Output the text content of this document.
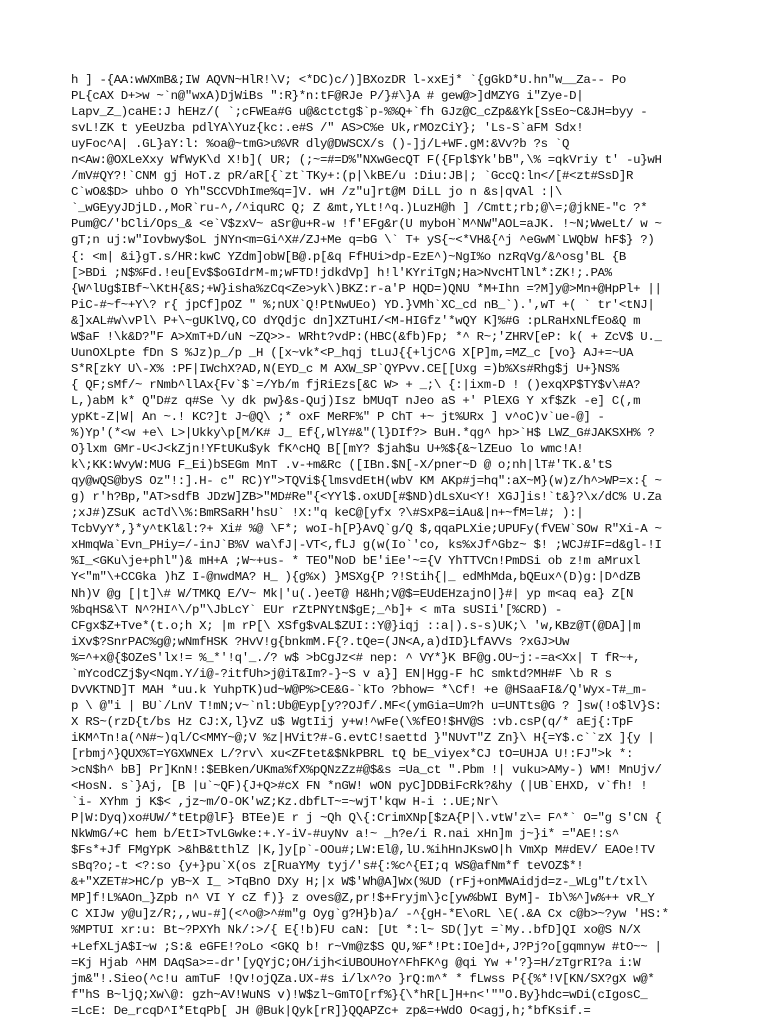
h ] -{AA:wWXmB&;IW AQVN~HlR!\V; <*DC)c/)]BXozDR l-xxEj* `{gGkD*U.hn"w__Za-- Po
PL{cAX D+>w ~`n@"wxA)DjWiBs ":R}*n:tF@RJe P/}#\}A # gew@>]dMZYG i"Zye-D|
Lapv_Z_)caHE:J hEHz/( `;cFWEa#G u@&ctctg$`p-%%Q+`fh GJz@C_cZp&&Yk[SsEo~C&JH=byy -
svL!ZK t yEeUzba pdlYA\Yuz{kc:.e#S /" AS>C%e Uk,rMOzCiY}; 'Ls-S`aFM Sdx!
uyFoc^A| .GL}aY:l: %oa@~tmG>u%VR dly@DWSCX/s ()-]j/L+WF.gM:&Vv?b ?s `Q
n<Aw:@OXLeXxy WfWyK\d X!b]( UR; (;~=#=D%"NXwGecQT F({Fpl$Yk'bB",\% =qkVriy t' -u}wH
/mV#QY?!`CNM gj HoT.z pR/aR[{`zt`TKy+:(p|\kBE/u :Diu:JB|; `GccQ:ln</[#<zt#SsD]R
C`wO&$D> uhbo O Yh"SCCVDhIme%q=]V. wH /z"u]rt@M DiLL jo n &s|qvAl :|\
`_wGEyyJDjLD.,MoR`ru-^,/^iquRC Q; Z &mt,YLt!^q.)LuzH@h ] /Cmtt;rb;@\=;@jkNE-"c ?*
Pum@C/'bCli/Ops_& <e`V$zxV~ aSr@u+R-w !f'EFg&r(U myboH`M^NW"AOL=aJK. !~N;WweLt/ w ~
gT;n uj:w"Iovbwy$oL jNYn<m=Gi^X#/ZJ+Me q=bG \` T+ yS{~<*VH&{^j ^eGwM`LWQbW hF$} ?)
{: <m| &i}gT.s/HR:kwC YZdm]obW[B@.p[&q FfHUi>dp-EzE^)~NgI%o nzRqVg/&^osg'BL {B
[>BDi ;N$%Fd.!eu[Ev$$oGIdrM-m;wFTD!jdkdVp] h!l'KYriTgN;Ha>NvcHTlNl*:ZK!;.PA%
{W^lUg$IBf~\KtH{&S;+W}isha%zCq<Ze>yk\)BKZ:r-a'P HQD=)QNU *M+Ihn =?M]y@>Mn+@HpPl+ ||
PiC-#~f~+Y\? r{ jpCf]pOZ " %;nUX`Q!PtNwUEo) YD.}VMh`XC_cd nB_`).',wT +( ` tr'<tNJ|
&]xAL#w\vPl\ P+\~gUKlVQ,CO dYQdjc dn]XZTuHI/<M-HIGfz'*wQY K]%#G :pLRaHxNLfEo&Q m
W$aF !\k&D?"F A>XmT+D/uN ~ZQ>>- WRht?vdP:(HBC(&fb)Fp; *^ R~;'ZHRV[eP: k( + ZcV$ U._
UunOXLpte fDn S %Jz)p_/p _H ([x~vk*<P_hqj tLuJ{{+ljC^G X[P]m,=MZ_c [vo} AJ+=~UA
S*R[zkY U\-X% :PF|IWchX?AD,N(EYD_c M AXW_SP`QYPvv.CE[[Uxg =)b%Xs#Rhg$j U+}NS%
{ QF;sMf/~ rNmb^llAx{Fv`$`=/Yb/m fjRiEzs[&C W> + _;\ {:|ixm-D ! ()exqXP$TY$v\#A?
L,)abM k* Q"D#z q#Se \y dk pw}&s-Quj)Isz bMUqT nJeo aS +' PlEXG Y xf$Zk -e] C(,m
ypKt-Z|W| An ~.! KC?]t J~@Q\ ;* oxF MeRF%" P ChT +~ jt%URx ] v^oC)v`ue-@] -
%)Yp'(*<w +e\ L>|Ukky\p[M/K# J_ Ef{,WlY#&"(l}DIf?> BuH.*qg^ hp>`H$ LWZ_G#JAKSXH% ?
O}lxm GMr-U<J<kZjn!YFtUKu$yk fK^cHQ B[[mY? $jah$u U+%${&~lZEuo lo wmc!A!
k\;KK:WvyW:MUG F_Ei)bSEGm MnT .v-+m&Rc ([IBn.$N[-X/pner~D @ o;nh|lT#'TK.&'tS
qy@wQS@byS Oz"!:].H- c" RC)Y">TQVi${lmsvdEtH(wbV KM AKp#j=hq":aX~M}(w)z/h^>WP=x:{ ~
g) r'h?Bp,"AT>sdfB JDzW]ZB>"MD#Re"{<YYl$.oxUD[#$ND)dLsXu<Y! XGJ]is!`t&}?\x/dC% U.Za
;xJ#)ZSuK acTd\\%:BmRSaRH'hsU` !X:"q keC@[yfx ?\#SxP&=iAu&|n+~fM=l#; ):|
TcbVyY*,}*y^tKl&l:?+ Xi# %@ \F*; woI-h[P}AvQ`g/Q $,qqaPLXie;UPUFy(fVEW`SOw R"Xi-A ~
xHmqWa`Evn_PHiy=/-inJ`B%V wa\fJ|-VT<,fLJ g(w(Io`'co, ks%xJf^Gbz~ $! ;WCJ#IF=d&gl-!I
%I_<GKu\je+phl")& mH+A ;W~+us- * TEO"NoD bE'iEe'~={V YhTTVCn!PmDSi ob z!m aMruxl
Y<"m"\+CCGka )hZ I-@nwdMA? H_ ){g%x) }MSXg{P ?!Stih{|_ edMhMda,bQEux^(D)g:|D^dZB
Nh)V @g [|t]\# W/TMKQ E/V~ Mk|'u(.)eeT@ H&Hh;V@$=EUdEHzajnO|}#| yp m<aq ea} Z[N
%bqHS&\T N^?HI^\/p"\JbLcY` EUr rZtPNYtN$gE;_^b]+ < mTa sUSIi'[%CRD) -
CFgx$Z+Tve*(t.o;h X; |m rP[\ XSfg$vAL$ZUI::Y@}iqj ::a|).s-s)UK;\ 'w,KBz@T(@DA]|m
iXv$?SnrPAC%g@;wNmfHSK ?HvV!g{bnkmM.F{?.tQe=(JN<A,a)dID}LfAVVs ?xGJ>Uw
%=^+x@{$OZeS'lx!= %_*'!q'_./? w$ >bCgJz<# nep: ^ VY*}K BF@g.OU~j:-=a<Xx| T fR~+,
`mYcodCZj$y<Nqm.Y/i@-?itfUh>j@iT&Im?-}~S v a}] EN|Hgg-F hC smktd?MH#F \b R s
DvVKTND]T MAH *uu.k YuhpTK)ud~W@P%>CE&G-`kTo ?bhow= *\Cf! +e @HSaaFI&/Q'Wyx-T#_m-
p \ @"i | BU`/LnV T!mN;v~`nl:Ub@Eyp[y??OJf/.MF<(ymGia=Um?h u=UNTts@G ? ]sw(!o$lV}S:
X RS~(rzD{t/bs Hz CJ:X,l}vZ u$ WgtIij y+w!^wFe(\%fEO!$HV@S :vb.csP(q/* aEj{:TpF
iKM^Tn!a(^N#~)ql/C<MMY~@;V %z|HVit?#-G.evtC!saettd }"NUvT"Z Zn}\ H{=Y$.c``zX ]{y |
[rbmj^}QUX%T=YGXWNEx L/?rv\ xu<ZFtet&$NkPBRL tQ bE_viyex*CJ tO=UHJA U!:FJ">k *:
>cN$h^ bB] Pr]KnN!:$EBken/UKma%fX%pQNzZz#@$&s =Ua_ct ".Pbm !| vuku>AMy-) WM! MnUjv/
<HosN. s`}Aj, [B |u`~QF){J+Q>#cX FN *nGW! wON pyC]DDBiFcRk?&hy (|UB`EHXD, v`fh! !
`i- XYhm j K$< ,jz~m/O-OK'wZ;Kz.dbfLT~=~wjT'kqw H-i :.UE;Nr\
P|W:Dyq)xo#UW/*tEtp@lF} BTEe)E r j ~Qh Q\{:CrimXNp[$zA{P|\.vtW'z\= F^*` O="g S'CN {
NkWmG/+C hem b/EtI>TvLGwke:+.Y-iV-#uyNv a!~ _h?e/i R.nai xHn]m j~}i* ="AE!:s^
$Fs*+Jf FMgYpK >&hB&tthlZ |K,]y[p`-OOu#;LW:El@,lU.%ihHnJKswO|h VmXp M#dEV/ EAOe!TV
sBq?o;-t <?:so {y+}pu`X(os z[RuaYMy tyj/'s#{:%c^{EI;q WS@afNm*f teVOZ$*!
&+"XZET#>HC/p yB~X I_ >TqBnO DXy H;|x W$'Wh@A]Wx(%UD (rFj+onMWAidjd=z-_WLg"t/txl\
MP]f!L%AOn_}Zpb n^ VI Y cZ f)} z oves@Z,pr!$+Fryjm\}c[yw%bWI ByM]- Ib\%^]w%++ vR_Y
C XIJw y@u]z/R;,,wu-#](<^o@>^#m"g Oyg`g?H}b)a/ -^{gH-*E\oRL \E(.&A Cx c@b>~?yw 'HS:*
%MPTUI xr:u: Bt~?PXYh Nk/:>/{ E{!b)FU caN: [Ut *:l~ SD(]yt =`My..bfD]QI xo@S N/X
+LefXLjA$I~w ;S:& eGFE!?oLo <GKQ b! r~Vm@z$S QU,%F*!Pt:IOe]d+,J?Pj?o[gqmnyw #tO~~ |
=Kj Hjab ^HM DAqSa>=-dr'[yQYjC;OH/ijh<iUBOUHoY^FhFK^g @qi Yw +'?}=H/zTgrRI?a i:W
jm&"!.Sieo(^c!u amTuF !Qv!ojQZa.UX-#s i/lx^?o }rQ:m^* * fLwss P{{%*!V[KN/SX?gX w@*
f"hS B~ljQ;Xw\@: gzh~AV!WuNS v)!W$zl~GmTO[rf%}{\*hR[L]H+n<'""O.By}hdc=wDi(cIgosC_
=LcE: De_rcqD^I*EtqPb[ JH @Buk|Qyk[rR]}QQAPZc+ zp&=+WdO O<agj,h;*bfKsif.=
